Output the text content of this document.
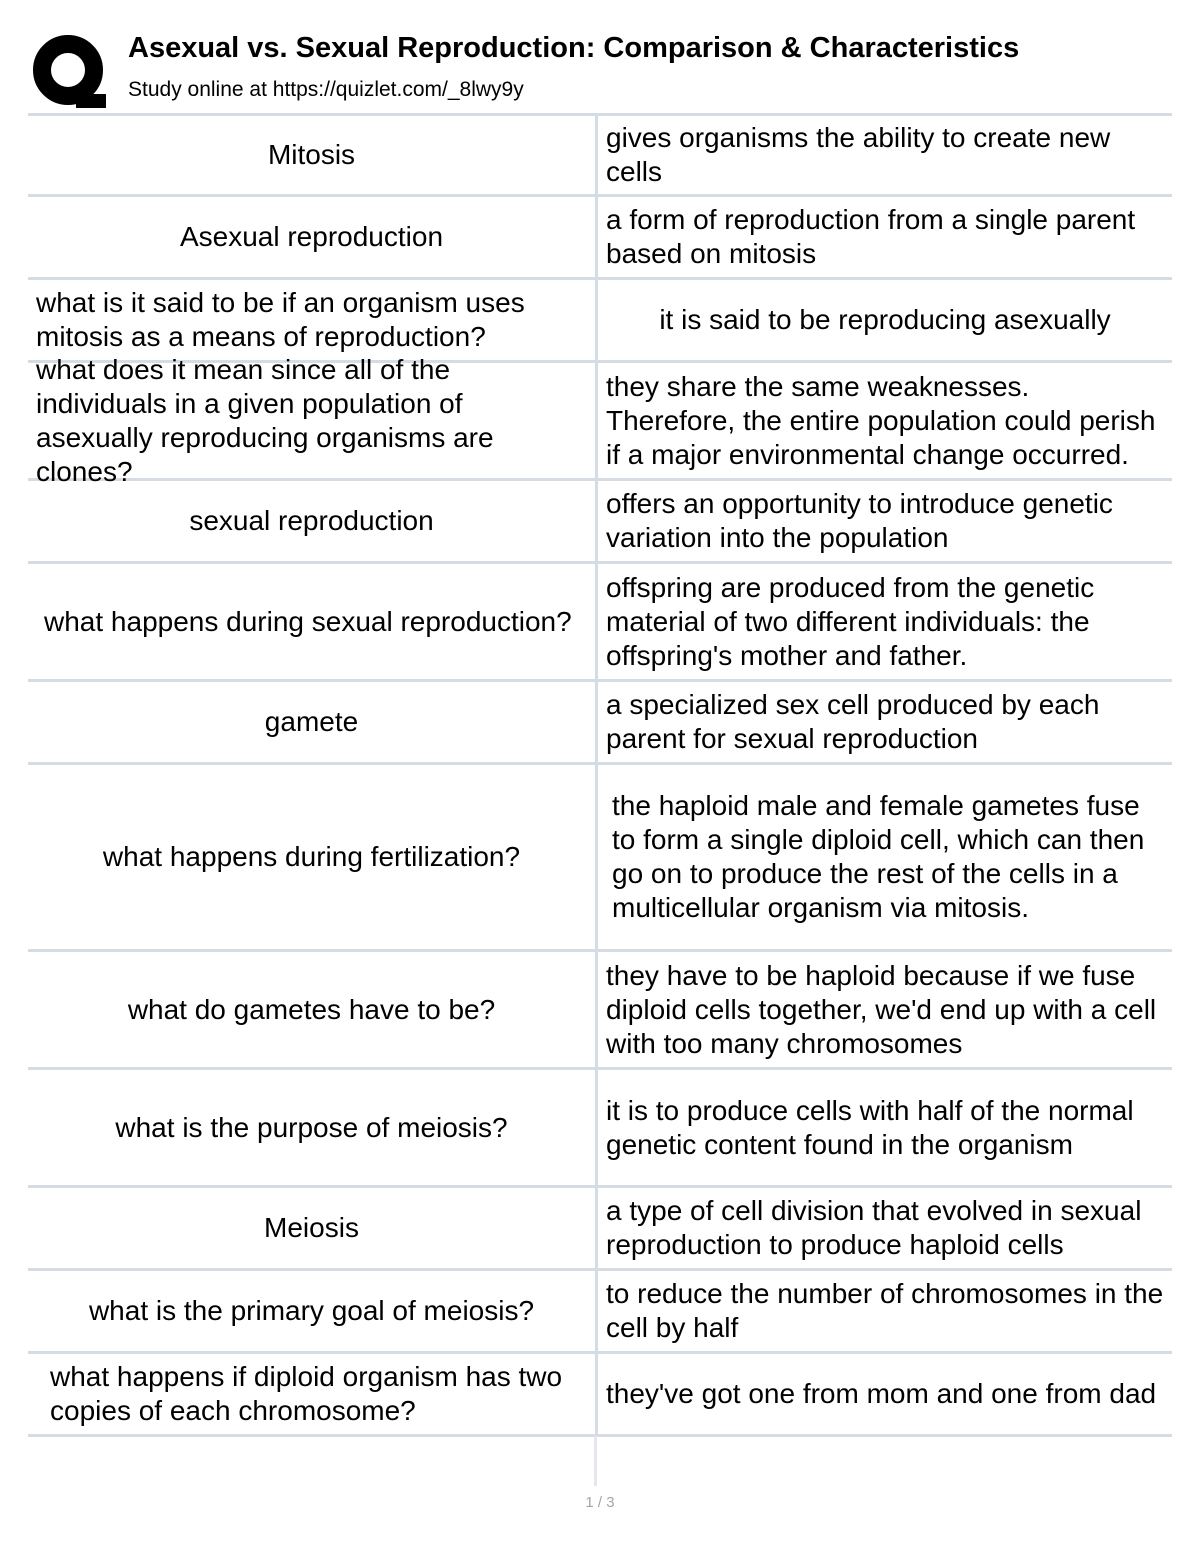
Asexual vs. Sexual Reproduction: Comparison & Characteristics
Study online at https://quizlet.com/_8lwy9y
Mitosis
gives organisms the ability to create new cells
Asexual reproduction
a form of reproduction from a single parent based on mitosis
what is it said to be if an organism uses mitosis as a means of reproduction?
it is said to be reproducing asexually
what does it mean since all of the individuals in a given population of asexually reproducing organisms are clones?
they share the same weaknesses. Therefore, the entire population could perish if a major environmental change occurred.
sexual reproduction
offers an opportunity to introduce genetic variation into the population
what happens during sexual reproduction?
offspring are produced from the genetic material of two different individuals: the offspring's mother and father.
gamete
a specialized sex cell produced by each parent for sexual reproduction
what happens during fertilization?
the haploid male and female gametes fuse to form a single diploid cell, which can then go on to produce the rest of the cells in a multicellular organism via mitosis.
what do gametes have to be?
they have to be haploid because if we fuse diploid cells together, we'd end up with a cell with too many chromosomes
what is the purpose of meiosis?
it is to produce cells with half of the normal genetic content found in the organism
Meiosis
a type of cell division that evolved in sexual reproduction to produce haploid cells
what is the primary goal of meiosis?
to reduce the number of chromosomes in the cell by half
what happens if diploid organism has two copies of each chromosome?
they've got one from mom and one from dad
1 / 3
